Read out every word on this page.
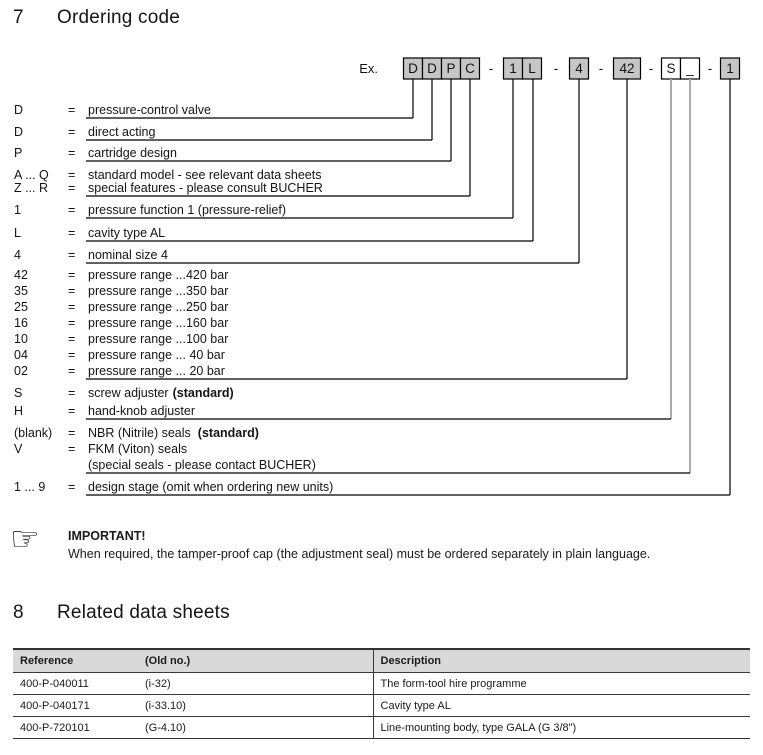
7 Ordering code
Ex. D D P C	1 L	4	42 S _ 1
-	-	-	-	-
D	= pressure-control valve
D	= direct acting
P	= cartridge design
A ... Q = standard model - see relevant data sheets
Z ... R = special features - please consult BUCHER
1	= pressure function 1 (pressure-relief)
L	= cavity type AL
4	= nominal size 4
42	= pressure range ...420 bar
35	= pressure range ...350 bar
25	= pressure range ...250 bar
16	= pressure range ...160 bar
10	= pressure range ...100 bar
04	= pressure range ... 40 bar
02	= pressure range ... 20 bar
S	= screw adjuster (standard)
H	= hand-knob adjuster
(blank) = NBR (Nitrile) seals (standard)
V	= FKM (Viton) seals
(special seals - please contact BUCHER)
1 ... 9 = design stage (omit when ordering new units)
☞ IMPORTANT!
When required, the tamper-proof cap (the adjustment seal) must be ordered separately in plain language.
8 Related data sheets
Reference	(Old no.)	Description
400-P-040011	(i-32)	The form-tool hire programme
400-P-040171	(i-33.10)	Cavity type AL
400-P-720101	(G-4.10)	Line-mounting body, type GALA (G 3/8")
